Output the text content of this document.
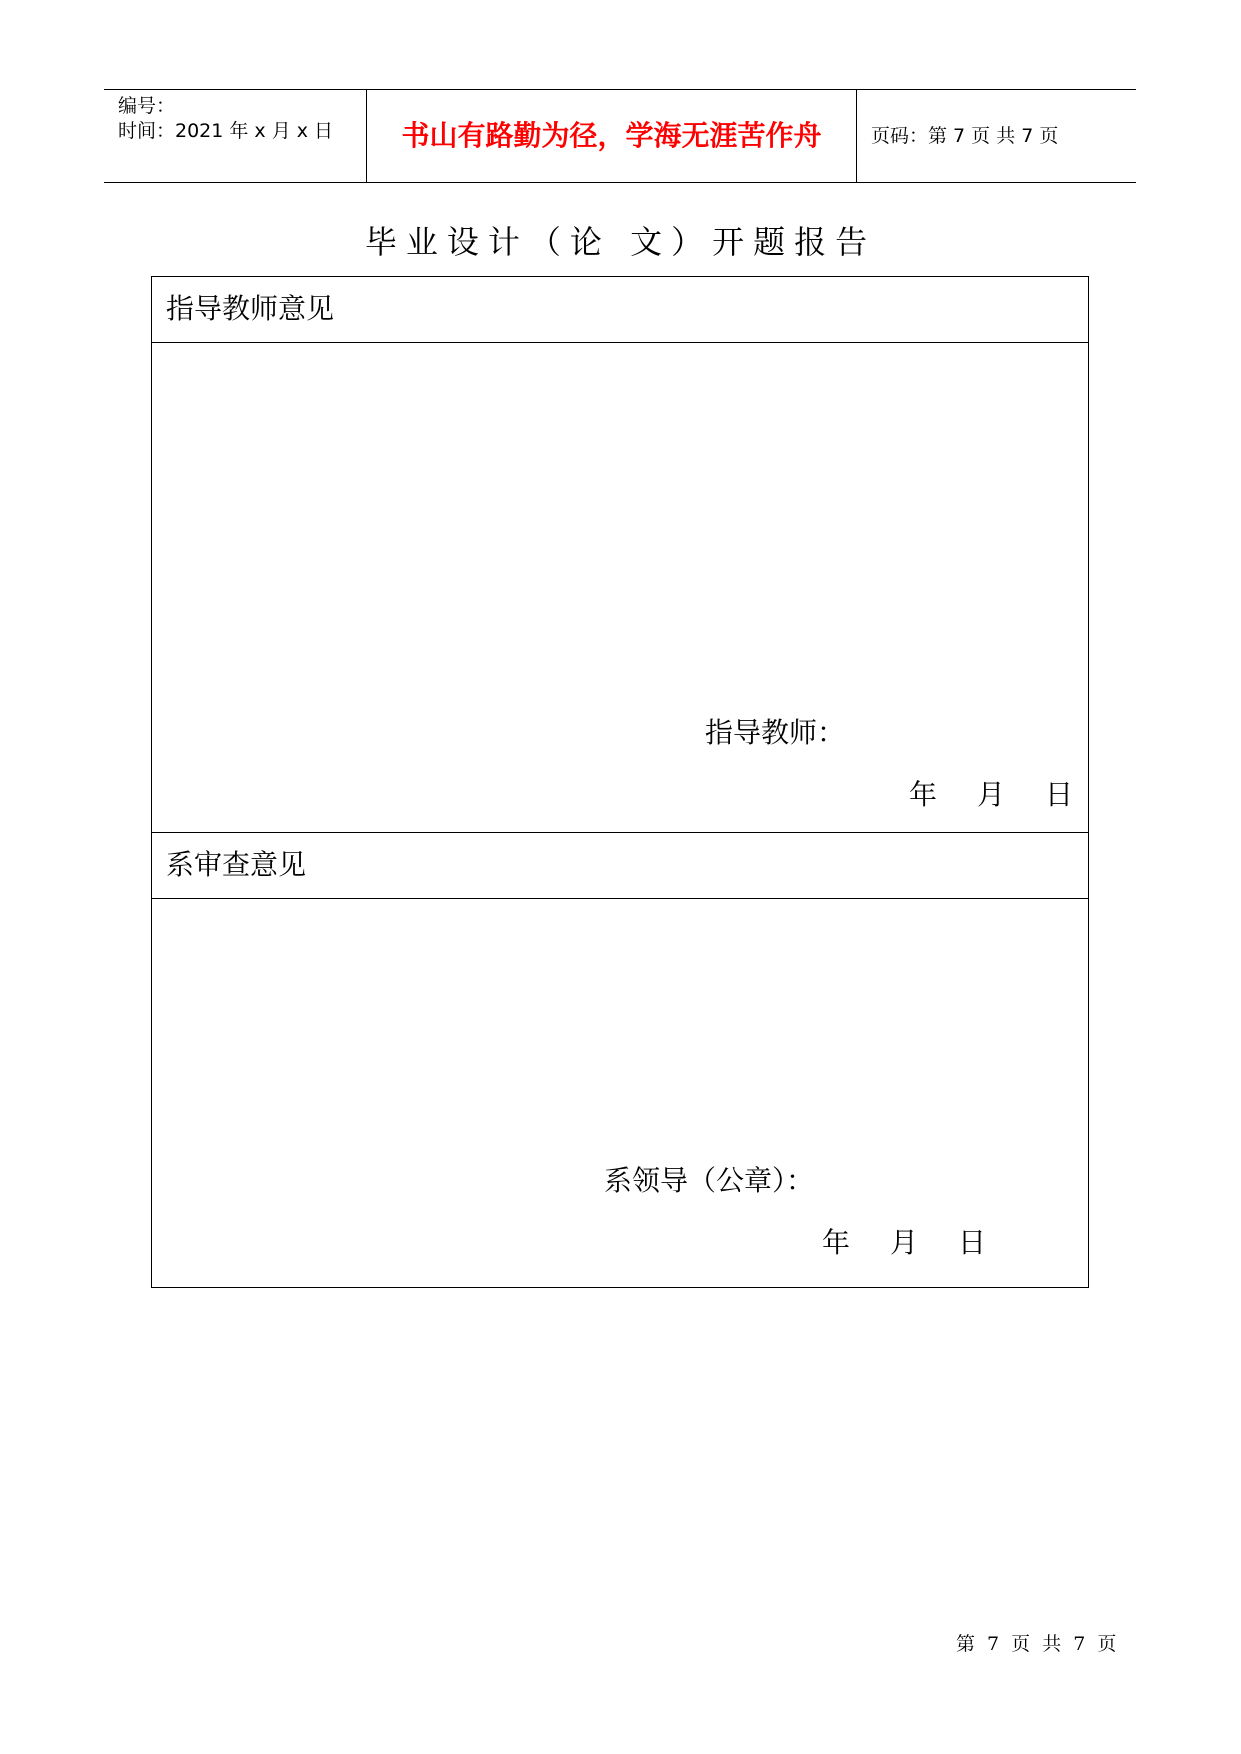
编号：
时间：2021 年 x 月 x 日	书山有路勤为径，学海无涯苦作舟	页码：第 7 页 共 7 页
毕业设计（论 文）开题报告
指导教师意见
指导教师：
年 月 日
系审查意见
系领导（公章）：
年 月 日
第 7 页 共 7 页
